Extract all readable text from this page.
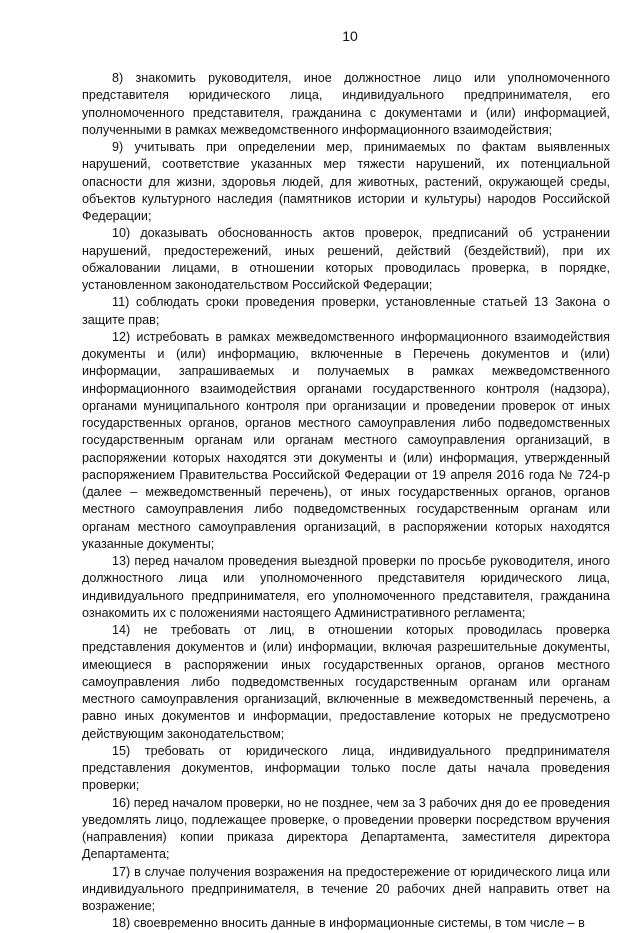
10

8) знакомить руководителя, иное должностное лицо или уполномоченного представителя юридического лица, индивидуального предпринимателя, его уполномоченного представителя, гражданина с документами и (или) информацией, полученными в рамках межведомственного информационного взаимодействия;

9) учитывать при определении мер, принимаемых по фактам выявленных нарушений, соответствие указанных мер тяжести нарушений, их потенциальной опасности для жизни, здоровья людей, для животных, растений, окружающей среды, объектов культурного наследия (памятников истории и культуры) народов Российской Федерации;

10) доказывать обоснованность актов проверок, предписаний об устранении нарушений, предостережений, иных решений, действий (бездействий), при их обжаловании лицами, в отношении которых проводилась проверка, в порядке, установленном законодательством Российской Федерации;

11) соблюдать сроки проведения проверки, установленные статьей 13 Закона о защите прав;

12) истребовать в рамках межведомственного информационного взаимодействия документы и (или) информацию, включенные в Перечень документов и (или) информации, запрашиваемых и получаемых в рамках межведомственного информационного взаимодействия органами государственного контроля (надзора), органами муниципального контроля при организации и проведении проверок от иных государственных органов, органов местного самоуправления либо подведомственных государственным органам или органам местного самоуправления организаций, в распоряжении которых находятся эти документы и (или) информация, утвержденный распоряжением Правительства Российской Федерации от 19 апреля 2016 года № 724-р (далее – межведомственный перечень), от иных государственных органов, органов местного самоуправления либо подведомственных государственным органам или органам местного самоуправления организаций, в распоряжении которых находятся указанные документы;

13) перед началом проведения выездной проверки по просьбе руководителя, иного должностного лица или уполномоченного представителя юридического лица, индивидуального предпринимателя, его уполномоченного представителя, гражданина ознакомить их с положениями настоящего Административного регламента;

14) не требовать от лиц, в отношении которых проводилась проверка представления документов и (или) информации, включая разрешительные документы, имеющиеся в распоряжении иных государственных органов, органов местного самоуправления либо подведомственных государственным органам или органам местного самоуправления организаций, включенные в межведомственный перечень, а равно иных документов и информации, предоставление которых не предусмотрено действующим законодательством;

15) требовать от юридического лица, индивидуального предпринимателя представления документов, информации только после даты начала проведения проверки;

16) перед началом проверки, но не позднее, чем за 3 рабочих дня до ее проведения уведомлять лицо, подлежащее проверке, о проведении проверки посредством вручения (направления) копии приказа директора Департамента, заместителя директора Департамента;

17) в случае получения возражения на предостережение от юридического лица или индивидуального предпринимателя, в течение 20 рабочих дней направить ответ на возражение;

18) своевременно вносить данные в информационные системы, в том числе – в
